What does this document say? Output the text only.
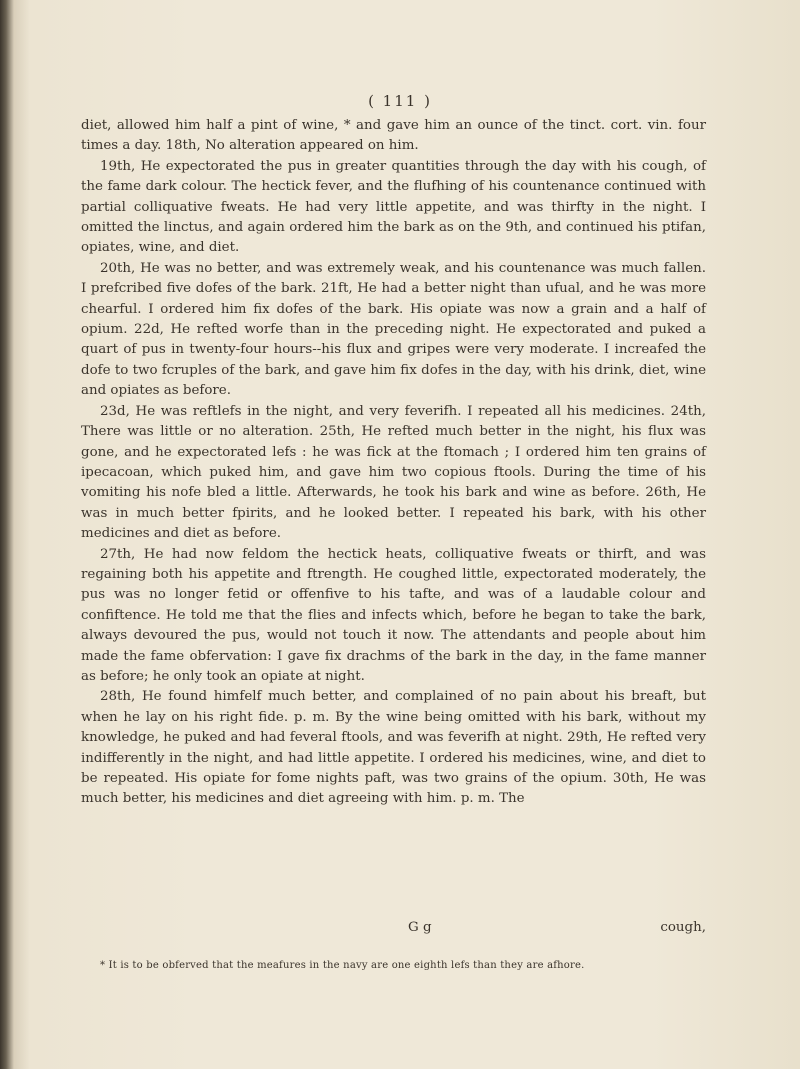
( 111 )

diet, allowed him half a pint of wine, * and gave him an ounce of the tinct. cort. vin. four times a day. 18th, No alteration appeared on him.

19th, He expectorated the pus in greater quantities through the day with his cough, of the fame dark colour. The hectick fever, and the flufhing of his countenance continued with partial colliquative fweats. He had very little appetite, and was thirfty in the night. I omitted the linctus, and again ordered him the bark as on the 9th, and continued his ptifan, opiates, wine, and diet.

20th, He was no better, and was extremely weak, and his countenance was much fallen. I prefcribed five dofes of the bark. 21ft, He had a better night than ufual, and he was more chearful. I ordered him fix dofes of the bark. His opiate was now a grain and a half of opium. 22d, He refted worfe than in the preceding night. He expectorated and puked a quart of pus in twenty-four hours--his flux and gripes were very moderate. I increafed the dofe to two fcruples of the bark, and gave him fix dofes in the day, with his drink, diet, wine and opiates as before.

23d, He was reftlefs in the night, and very feverifh. I repeated all his medicines. 24th, There was little or no alteration. 25th, He refted much better in the night, his flux was gone, and he expectorated lefs : he was fick at the ftomach ; I ordered him ten grains of ipecacoan, which puked him, and gave him two copious ftools. During the time of his vomiting his nofe bled a little. Afterwards, he took his bark and wine as before. 26th, He was in much better fpirits, and he looked better. I repeated his bark, with his other medicines and diet as before.

27th, He had now feldom the hectick heats, colliquative fweats or thirft, and was regaining both his appetite and ftrength. He coughed little, expectorated moderately, the pus was no longer fetid or offenfive to his tafte, and was of a laudable colour and confiftence. He told me that the flies and infects which, before he began to take the bark, always devoured the pus, would not touch it now. The attendants and people about him made the fame obfervation: I gave fix drachms of the bark in the day, in the fame manner as before; he only took an opiate at night.

28th, He found himfelf much better, and complained of no pain about his breaft, but when he lay on his right fide. p. m. By the wine being omitted with his bark, without my knowledge, he puked and had feveral ftools, and was feverifh at night. 29th, He refted very indifferently in the night, and had little appetite. I ordered his medicines, wine, and diet to be repeated. His opiate for fome nights paft, was two grains of the opium. 30th, He was much better, his medicines and diet agreeing with him. p. m. The

G g	cough,
* It is to be obferved that the meafures in the navy are one eighth lefs than they are afhore.
